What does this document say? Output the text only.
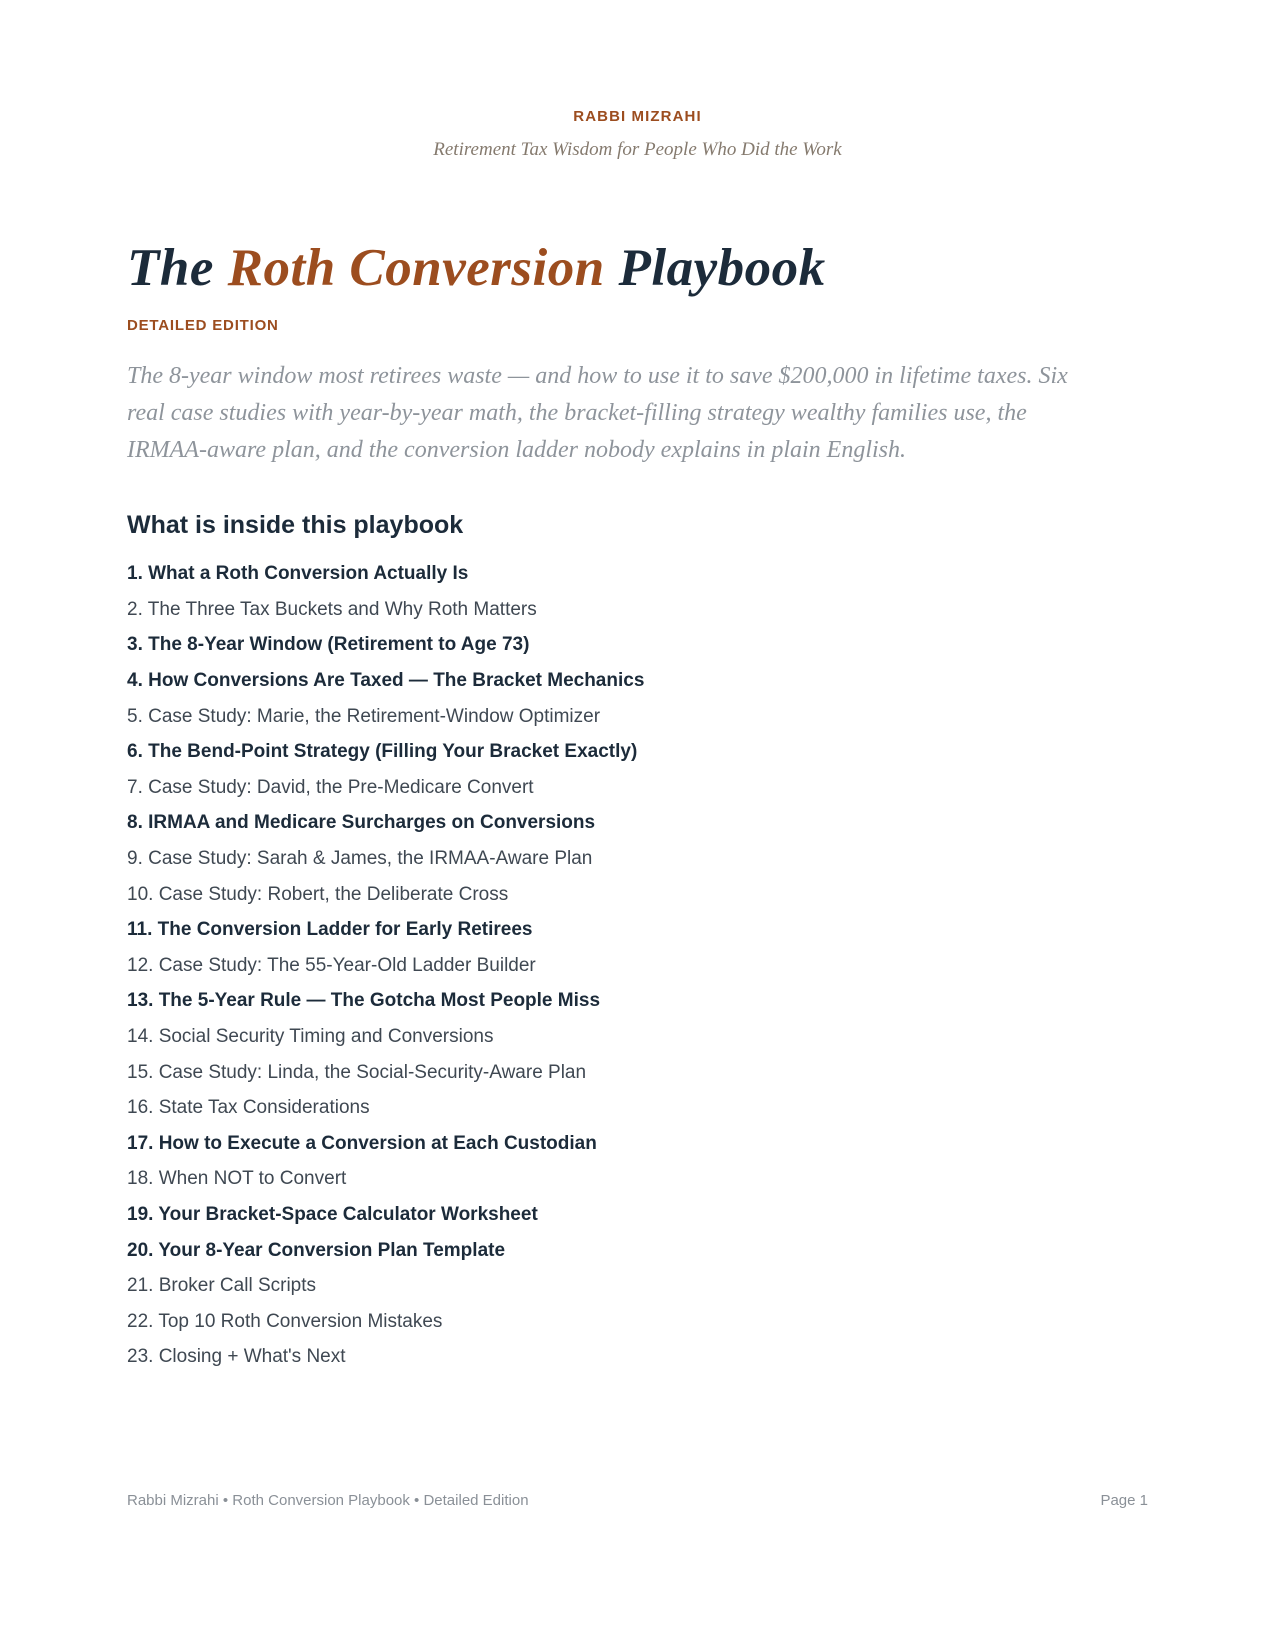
RABBI MIZRAHI
Retirement Tax Wisdom for People Who Did the Work
The Roth Conversion Playbook
DETAILED EDITION

The 8-year window most retirees waste — and how to use it to save $200,000 in lifetime taxes. Six real case studies with year-by-year math, the bracket-filling strategy wealthy families use, the IRMAA-aware plan, and the conversion ladder nobody explains in plain English.

What is inside this playbook
1. What a Roth Conversion Actually Is
2. The Three Tax Buckets and Why Roth Matters
3. The 8-Year Window (Retirement to Age 73)
4. How Conversions Are Taxed — The Bracket Mechanics
5. Case Study: Marie, the Retirement-Window Optimizer
6. The Bend-Point Strategy (Filling Your Bracket Exactly)
7. Case Study: David, the Pre-Medicare Convert
8. IRMAA and Medicare Surcharges on Conversions
9. Case Study: Sarah & James, the IRMAA-Aware Plan
10. Case Study: Robert, the Deliberate Cross
11. The Conversion Ladder for Early Retirees
12. Case Study: The 55-Year-Old Ladder Builder
13. The 5-Year Rule — The Gotcha Most People Miss
14. Social Security Timing and Conversions
15. Case Study: Linda, the Social-Security-Aware Plan
16. State Tax Considerations
17. How to Execute a Conversion at Each Custodian
18. When NOT to Convert
19. Your Bracket-Space Calculator Worksheet
20. Your 8-Year Conversion Plan Template
21. Broker Call Scripts
22. Top 10 Roth Conversion Mistakes
23. Closing + What's Next
Rabbi Mizrahi • Roth Conversion Playbook • Detailed Edition	Page 1
